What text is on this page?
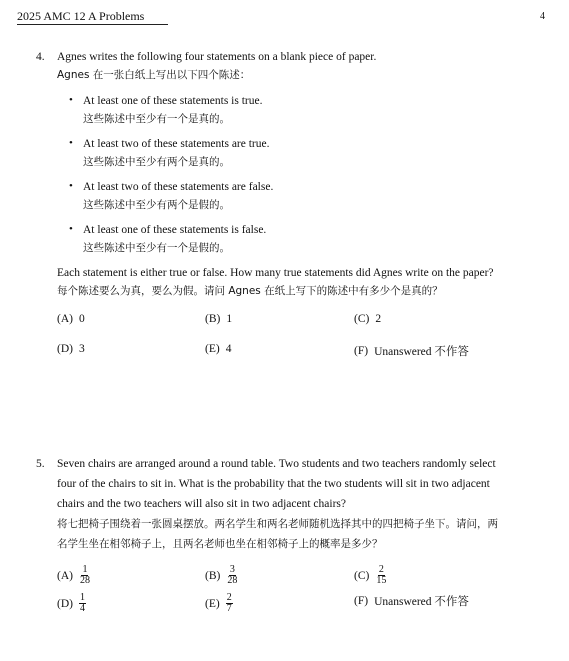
2025 AMC 12 A Problems	4
4. Agnes writes the following four statements on a blank piece of paper.
Agnes 在一张白纸上写出以下四个陈述：
• At least one of these statements is true.
这些陈述中至少有一个是真的。
• At least two of these statements are true.
这些陈述中至少有两个是真的。
• At least two of these statements are false.
这些陈述中至少有两个是假的。
• At least one of these statements is false.
这些陈述中至少有一个是假的。
Each statement is either true or false. How many true statements did Agnes write on the paper?
每个陈述要么为真，要么为假。请问 Agnes 在纸上写下的陈述中有多少个是真的？
(A) 0	(B) 1	(C) 2
(D) 3	(E) 4	(F) Unanswered 不作答
5. Seven chairs are arranged around a round table. Two students and two teachers randomly select
four of the chairs to sit in. What is the probability that the two students will sit in two adjacent
chairs and the two teachers will also sit in two adjacent chairs?
将七把椅子围绕着一张圆桌摆放。两名学生和两名老师随机选择其中的四把椅子坐下。请问，两
名学生坐在相邻椅子上，且两名老师也坐在相邻椅子上的概率是多少？
$(A) \frac{1}{28}$	$(B) \frac{3}{28}$	$(C) \frac{2}{15}$
$(D) \frac{1}{4}$	$(E) \frac{2}{7}$	(F) Unanswered 不作答
